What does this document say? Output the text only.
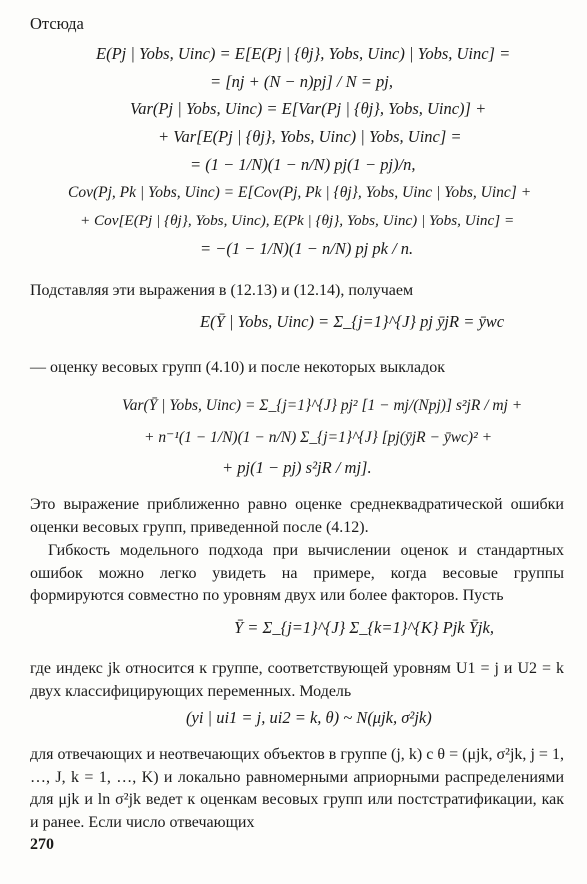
Отсюда
E(Pj | Yobs, Uinc) = E[E(Pj | {θj}, Yobs, Uinc) | Yobs, Uinc] =
= [nj + (N − n)pj] / N = pj,
Var(Pj | Yobs, Uinc) = E[Var(Pj | {θj}, Yobs, Uinc)] +
+ Var[E(Pj | {θj}, Yobs, Uinc) | Yobs, Uinc] =
= (1 − 1/N)(1 − n/N) pj(1 − pj)/n,
Cov(Pj, Pk | Yobs, Uinc) = E[Cov(Pj, Pk | {θj}, Yobs, Uinc | Yobs, Uinc] +
+ Cov[E(Pj | {θj}, Yobs, Uinc), E(Pk | {θj}, Yobs, Uinc) | Yobs, Uinc] =
= −(1 − 1/N)(1 − n/N) pj pk / n.
Подставляя эти выражения в (12.13) и (12.14), получаем
E(Ȳ | Yobs, Uinc) = Σ_{j=1}^{J} pj ȳjR = ȳwc
— оценку весовых групп (4.10) и после некоторых выкладок
Var(Ȳ | Yobs, Uinc) = Σ_{j=1}^{J} pj² [1 − mj/(Npj)] s²jR / mj +
+ n⁻¹(1 − 1/N)(1 − n/N) Σ_{j=1}^{J} [pj(ȳjR − ȳwc)² +
+ pj(1 − pj) s²jR / mj].
Это выражение приближенно равно оценке среднеквадратической ошибки оценки весовых групп, приведенной после (4.12).
Гибкость модельного подхода при вычислении оценок и стандартных ошибок можно легко увидеть на примере, когда весовые группы формируются совместно по уровням двух или более факторов. Пусть
Ȳ = Σ_{j=1}^{J} Σ_{k=1}^{K} Pjk Ȳjk,
где индекс jk относится к группе, соответствующей уровням U1 = j и U2 = k двух классифицирующих переменных. Модель
(yi | ui1 = j, ui2 = k, θ) ~ N(μjk, σ²jk)
для отвечающих и неотвечающих объектов в группе (j, k) с θ = (μjk, σ²jk, j = 1, …, J, k = 1, …, K) и локально равномерными априорными распределениями для μjk и ln σ²jk ведет к оценкам весовых групп или постстратификации, как и ранее. Если число отвечающих
270
